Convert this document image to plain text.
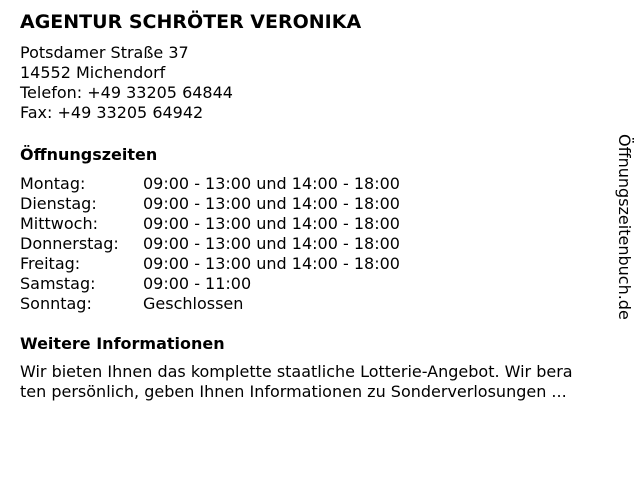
AGENTUR SCHRÖTER VERONIKA
Potsdamer Straße 37
14552 Michendorf
Telefon: +49 33205 64844
Fax: +49 33205 64942
Öffnungszeiten
Montag:	09:00 - 13:00 und 14:00 - 18:00
Dienstag:	09:00 - 13:00 und 14:00 - 18:00
Mittwoch:	09:00 - 13:00 und 14:00 - 18:00
Donnerstag:	09:00 - 13:00 und 14:00 - 18:00
Freitag:	09:00 - 13:00 und 14:00 - 18:00
Samstag:	09:00 - 11:00
Sonntag:	Geschlossen
Weitere Informationen
Wir bieten Ihnen das komplette staatliche Lotterie-Angebot. Wir bera
ten persönlich, geben Ihnen Informationen zu Sonderverlosungen ...
Öffnungszeitenbuch.de
